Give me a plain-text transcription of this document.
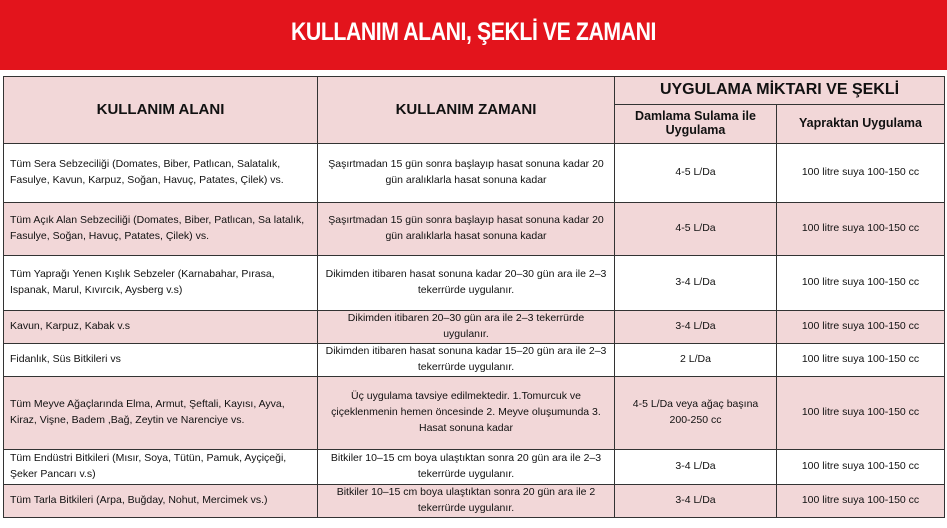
KULLANIM ALANI, ŞEKLİ VE ZAMANI
KULLANIM ALANI	KULLANIM ZAMANI	UYGULAMA MİKTARI VE ŞEKLİ	
		Damlama Sulama ile Uygulama	Yapraktan Uygulama
Tüm Sera Sebzeciliği (Domates, Biber, Patlıcan, Salatalık, Fasulye, Kavun, Karpuz, Soğan, Havuç, Patates, Çilek) vs.	Şaşırtmadan 15 gün sonra başlayıp hasat sonuna kadar 20 gün aralıklarla hasat sonuna kadar	4-5 L/Da	100 litre suya 100-150 cc
Tüm Açık Alan Sebzeciliği (Domates, Biber, Patlıcan, Sa latalık, Fasulye, Soğan, Havuç, Patates, Çilek) vs.	Şaşırtmadan 15 gün sonra başlayıp hasat sonuna kadar 20 gün aralıklarla hasat sonuna kadar	4-5 L/Da	100 litre suya 100-150 cc
Tüm Yaprağı Yenen Kışlık Sebzeler (Karnabahar, Pırasa, Ispanak, Marul, Kıvırcık, Aysberg v.s)	Dikimden itibaren hasat sonuna kadar 20–30 gün ara ile 2–3 tekerrürde uygulanır.	3-4 L/Da	100 litre suya 100-150 cc
Kavun, Karpuz, Kabak v.s	Dikimden itibaren 20–30 gün ara ile 2–3 tekerrürde uygulanır.	3-4 L/Da	100 litre suya 100-150 cc
Fidanlık, Süs Bitkileri vs	Dikimden itibaren hasat sonuna kadar 15–20 gün ara ile 2–3 tekerrürde uygulanır.	2 L/Da	100 litre suya 100-150 cc
Tüm Meyve Ağaçlarında Elma, Armut, Şeftali, Kayısı, Ayva, Kiraz, Vişne, Badem ,Bağ, Zeytin ve Narenciye vs.	Üç uygulama tavsiye edilmektedir. 1.Tomurcuk ve çiçeklenmenin hemen öncesinde 2. Meyve oluşumunda 3. Hasat sonuna kadar	4-5 L/Da veya ağaç başına 200-250 cc	100 litre suya 100-150 cc
Tüm Endüstri Bitkileri (Mısır, Soya, Tütün, Pamuk, Ayçiçeği, Şeker Pancarı v.s)	Bitkiler 10–15 cm boya ulaştıktan sonra 20 gün ara ile 2–3 tekerrürde uygulanır.	3-4 L/Da	100 litre suya 100-150 cc
Tüm Tarla Bitkileri (Arpa, Buğday, Nohut, Mercimek vs.)	Bitkiler 10–15 cm boya ulaştıktan sonra 20 gün ara ile 2 tekerrürde uygulanır.	3-4 L/Da	100 litre suya 100-150 cc
